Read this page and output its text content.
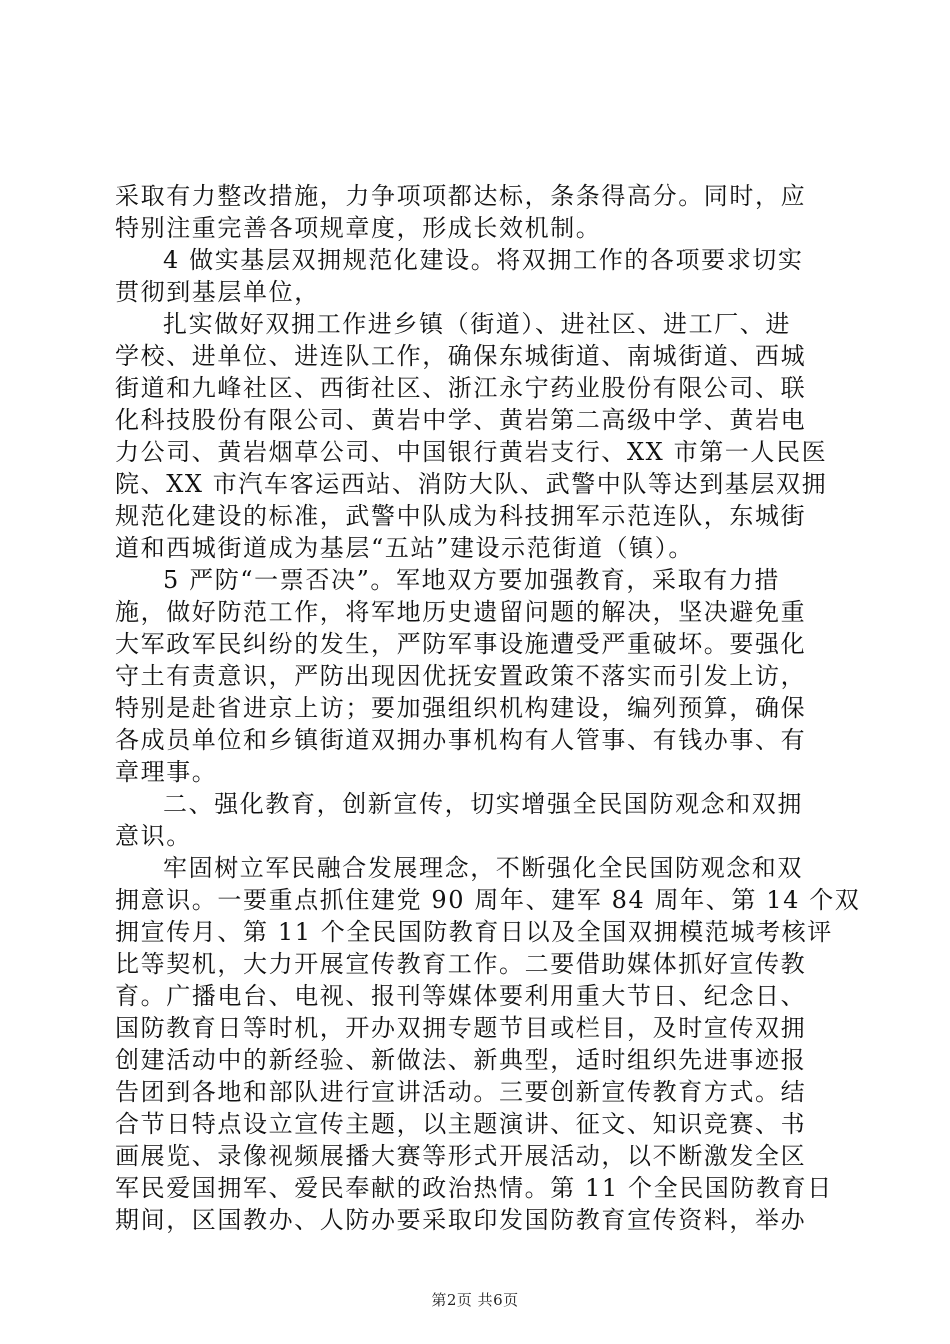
采取有力整改措施，力争项项都达标，条条得高分。同时，应
特别注重完善各项规章度，形成长效机制。
4 做实基层双拥规范化建设。将双拥工作的各项要求切实
贯彻到基层单位，
扎实做好双拥工作进乡镇（街道）、进社区、进工厂、进
学校、进单位、进连队工作，确保东城街道、南城街道、西城
街道和九峰社区、西街社区、浙江永宁药业股份有限公司、联
化科技股份有限公司、黄岩中学、黄岩第二高级中学、黄岩电
力公司、黄岩烟草公司、中国银行黄岩支行、XX 市第一人民医
院、XX 市汽车客运西站、消防大队、武警中队等达到基层双拥
规范化建设的标准，武警中队成为科技拥军示范连队，东城街
道和西城街道成为基层“五站”建设示范街道（镇）。
5 严防“一票否决”。军地双方要加强教育，采取有力措
施，做好防范工作，将军地历史遗留问题的解决，坚决避免重
大军政军民纠纷的发生，严防军事设施遭受严重破坏。要强化
守土有责意识，严防出现因优抚安置政策不落实而引发上访，
特别是赴省进京上访；要加强组织机构建设，编列预算，确保
各成员单位和乡镇街道双拥办事机构有人管事、有钱办事、有
章理事。
二、强化教育，创新宣传，切实增强全民国防观念和双拥
意识。
牢固树立军民融合发展理念，不断强化全民国防观念和双
拥意识。一要重点抓住建党 90 周年、建军 84 周年、第 14 个双
拥宣传月、第 11 个全民国防教育日以及全国双拥模范城考核评
比等契机，大力开展宣传教育工作。二要借助媒体抓好宣传教
育。广播电台、电视、报刊等媒体要利用重大节日、纪念日、
国防教育日等时机，开办双拥专题节目或栏目，及时宣传双拥
创建活动中的新经验、新做法、新典型，适时组织先进事迹报
告团到各地和部队进行宣讲活动。三要创新宣传教育方式。结
合节日特点设立宣传主题，以主题演讲、征文、知识竞赛、书
画展览、录像视频展播大赛等形式开展活动，以不断激发全区
军民爱国拥军、爱民奉献的政治热情。第 11 个全民国防教育日
期间，区国教办、人防办要采取印发国防教育宣传资料，举办
第2页 共6页
